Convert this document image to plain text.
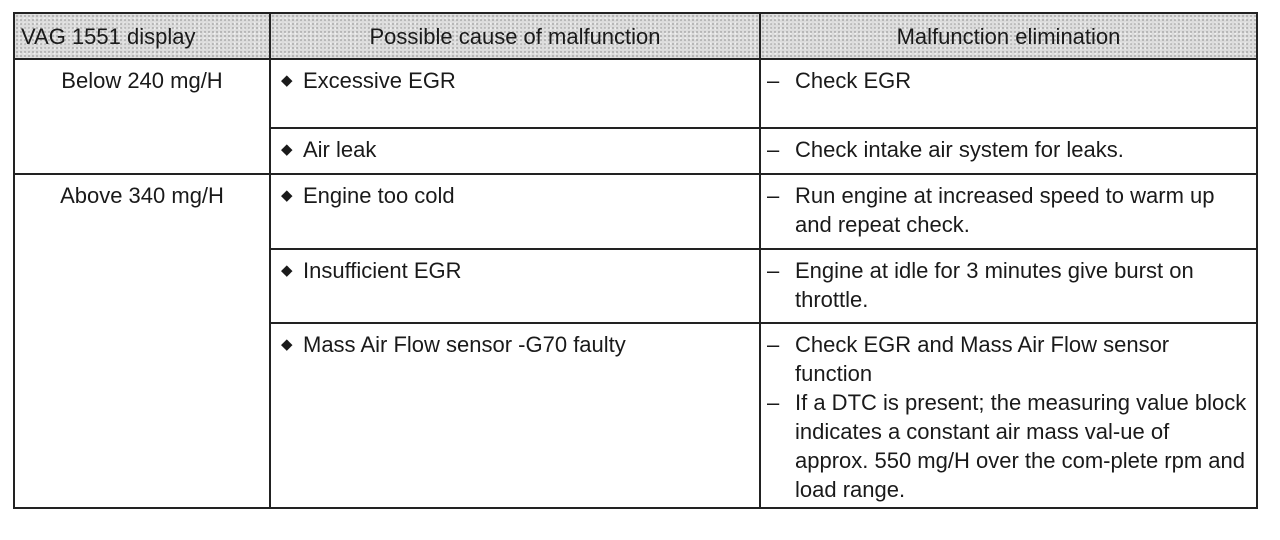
VAG 1551 display	Possible cause of malfunction	Malfunction elimination
Below 240 mg/H	◆ Excessive EGR	– Check EGR

	◆ Air leak	– Check intake air system for leaks.

Above 340 mg/H	◆ Engine too cold	– Run engine at increased speed to warm up and repeat check.

	◆ Insufficient EGR	– Engine at idle for 3 minutes give burst on throttle.

	◆ Mass Air Flow sensor -G70 faulty	– Check EGR and Mass Air Flow sensor function
– If a DTC is present; the measuring value block indicates a constant air mass val-ue of approx. 550 mg/H over the com-plete rpm and load range.
